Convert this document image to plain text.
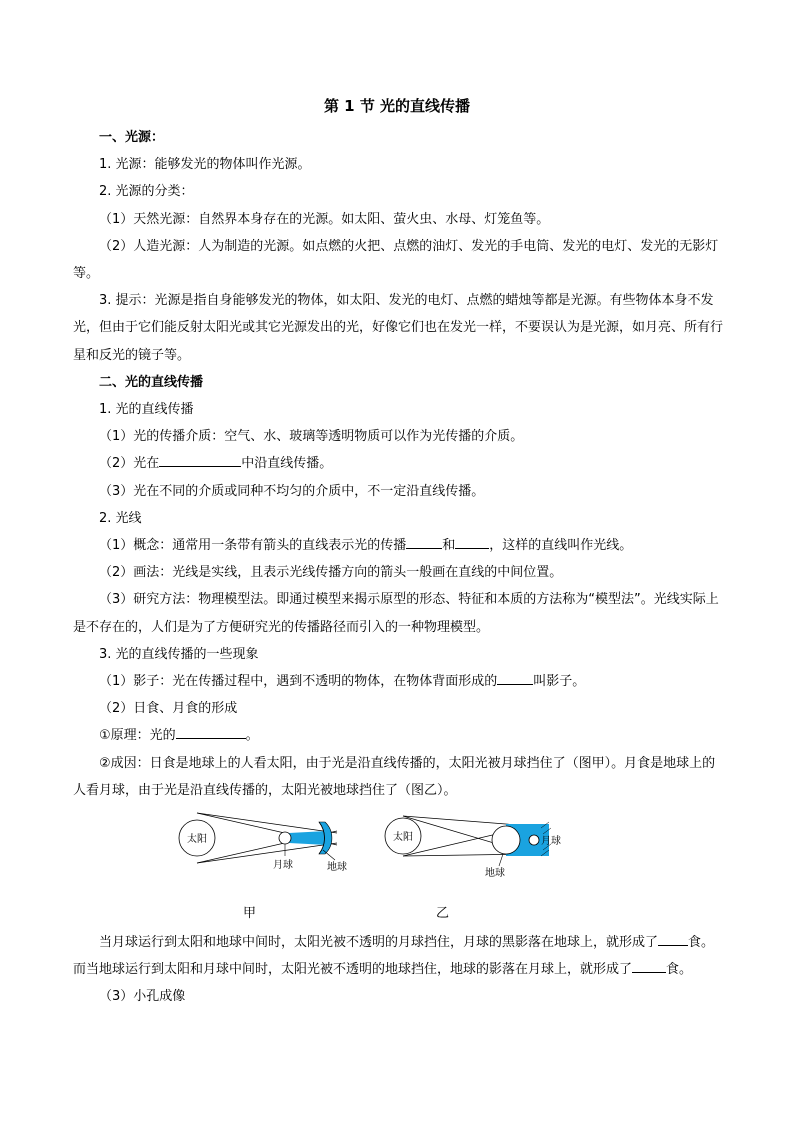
第 1 节 光的直线传播

一、光源：

1. 光源：能够发光的物体叫作光源。

2. 光源的分类：

（1）天然光源：自然界本身存在的光源。如太阳、萤火虫、水母、灯笼鱼等。

（2）人造光源：人为制造的光源。如点燃的火把、点燃的油灯、发光的手电筒、发光的电灯、发光的无影灯等。

3. 提示：光源是指自身能够发光的物体，如太阳、发光的电灯、点燃的蜡烛等都是光源。有些物体本身不发光，但由于它们能反射太阳光或其它光源发出的光，好像它们也在发光一样，不要误认为是光源，如月亮、所有行星和反光的镜子等。

二、光的直线传播

1. 光的直线传播

（1）光的传播介质：空气、水、玻璃等透明物质可以作为光传播的介质。

（2）光在	中沿直线传播。

（3）光在不同的介质或同种不均匀的介质中，不一定沿直线传播。

2. 光线

（1）概念：通常用一条带有箭头的直线表示光的传播	和	，这样的直线叫作光线。

（2）画法：光线是实线，且表示光线传播方向的箭头一般画在直线的中间位置。

（3）研究方法：物理模型法。即通过模型来揭示原型的形态、特征和本质的方法称为“模型法”。光线实际上是不存在的，人们是为了方便研究光的传播路径而引入的一种物理模型。

3. 光的直线传播的一些现象

（1）影子：光在传播过程中，遇到不透明的物体，在物体背面形成的	叫影子。

（2）日食、月食的形成

①原理：光的	。

②成因：日食是地球上的人看太阳，由于光是沿直线传播的，太阳光被月球挡住了（图甲）。月食是地球上的人看月球，由于光是沿直线传播的，太阳光被地球挡住了（图乙）。

太阳
月球	地球
太阳	月球
地球
甲	乙

当月球运行到太阳和地球中间时，太阳光被不透明的月球挡住，月球的黑影落在地球上，就形成了 食。而当地球运行到太阳和月球中间时，太阳光被不透明的地球挡住，地球的影落在月球上，就形成了	食。

（3）小孔成像
